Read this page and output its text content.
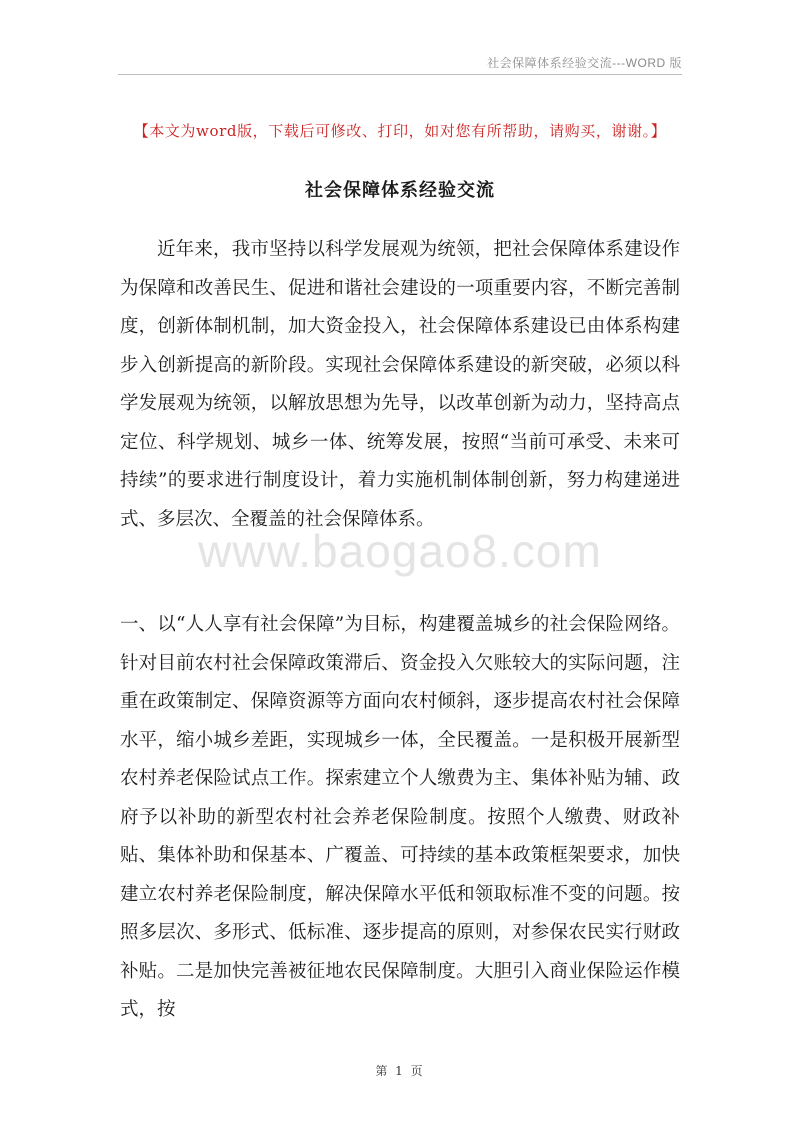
社会保障体系经验交流---WORD 版
【本文为word版，下载后可修改、打印，如对您有所帮助，请购买，谢谢。】
社会保障体系经验交流
近年来，我市坚持以科学发展观为统领，把社会保障体系建设作为保障和改善民生、促进和谐社会建设的一项重要内容，不断完善制度，创新体制机制，加大资金投入，社会保障体系建设已由体系构建步入创新提高的新阶段。实现社会保障体系建设的新突破，必须以科学发展观为统领，以解放思想为先导，以改革创新为动力，坚持高点定位、科学规划、城乡一体、统筹发展，按照“当前可承受、未来可持续”的要求进行制度设计，着力实施机制体制创新，努力构建递进式、多层次、全覆盖的社会保障体系。
www.baogao8.com
一、以“人人享有社会保障”为目标，构建覆盖城乡的社会保险网络。针对目前农村社会保障政策滞后、资金投入欠账较大的实际问题，注重在政策制定、保障资源等方面向农村倾斜，逐步提高农村社会保障水平，缩小城乡差距，实现城乡一体，全民覆盖。一是积极开展新型农村养老保险试点工作。探索建立个人缴费为主、集体补贴为辅、政府予以补助的新型农村社会养老保险制度。按照个人缴费、财政补贴、集体补助和保基本、广覆盖、可持续的基本政策框架要求，加快建立农村养老保险制度，解决保障水平低和领取标准不变的问题。按照多层次、多形式、低标准、逐步提高的原则，对参保农民实行财政补贴。二是加快完善被征地农民保障制度。大胆引入商业保险运作模式，按
第 1 页
